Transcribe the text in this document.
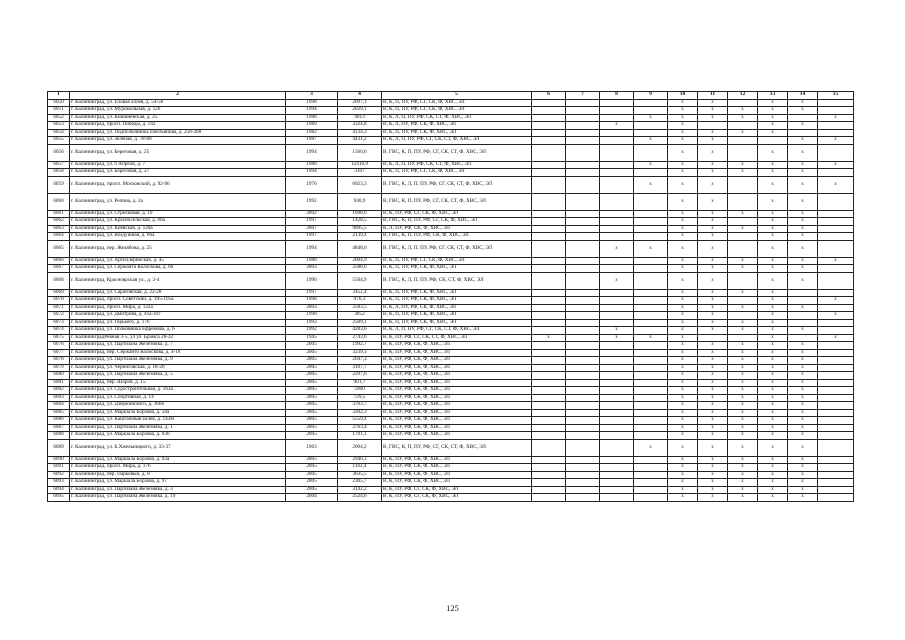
1	2	3	4	5	6	7	8	9	10	11	12	13	14	15
6050	г. Калининград, ул. Еловая аллея, д. 54-56	1998	2097,1	В, К, П, ПУ, РФ, СГ, СК, Ф, ХВС, ЭЛ					x	x		x	x	
6051	г. Калининград, ул. Муромольная, д. 126	1994	2029,1	В, К, П, ПУ, РФ, СГ, СК, Ф, ХВС, ЭЛ					x	x	x	x	x	
6052	г. Калининград, ул. Кишиневская, д. 25	1988	9013	В, К, Л, П, ПУ, РФ, СК, СТ, Ф, ХВС, ЭЛ				x	x	x	x	x		x
6053	г. Калининград, просп. Победы, д. 142	1989	3324,8	В, К, Л, ПУ, РФ, СК, Ф, ХВС, ЭЛ			x		x			x	x	
6054	г. Калининград, ул. Подполковника Емельянова, д. 258-268	1982	4134,3	В, К, П, ПУ, РФ, СК, Ф, ХВС, ЭЛ					x	x	x	x		
6055	г. Калининград, ул. Зеленая, д. 78-80	1987	4431,2	В, К, Л, П, ПУ, РФ, СГ, СК, СТ, Ф, ХВС, ЭЛ				x	x	x			x	x
6056	г. Калининград, ул. Береговая, д. 25	1994	1560,6	В, ГВС, К, П, ПУ, РФ, СГ, СК, СТ, Ф, ХВС, ЭЛ					x	x		x	x	
6057	г. Калининград, ул. 9 Апреля, д. 7	1988	12416,9	В, К, Л, П, ПУ, РФ, СК, СТ, Ф, ХВС, ЭЛ				x	x	x	x	x	x	x
6058	г. Калининград, ул. Береговая, д. 27	1994	3107	В, К, П, ПУ, РФ, СГ, СК, Ф, ХВС, ЭЛ					x	x	x	x	x	
6059	г. Калининград, просп. Московский, д. 92-96	1976	6023,3	В, ГВС, К, Л, П, ПУ, РФ, СГ, СК, СТ, Ф, ХВС, ЭЛ				x	x	x		x	x	x
6060	г. Калининград, ул. Репина, д. 2а	1992	940,9	В, ГВС, К, П, ПУ, РФ, СГ, СК, СТ, Ф, ХВС, ЭЛ					x	x		x	x	
6061	г. Калининград, ул. Стрелковая, д. 19	2002	1698,6	В, К, ПУ, РФ, СГ, СК, Ф, ХВС, ЭЛ					x	x	x	x	x	
6062	г. Калининград, ул. Красносельская, д. 80а	1997	1428,5	В, ГВС, К, П, ПУ, РФ, СГ, СК, Ф, ХВС, ЭЛ					x	x		x	x	
6063	г. Калининград, ул. Киевская, д. 120а	2007	9895,5	К, Л, ПУ, РФ, СК, Ф, ХВС, ЭЛ					x	x	x	x	x	
6064	г. Калининград, ул. Воздушная, д. 66а	1997	2139,4	В, ГВС, К, П, ПУ, РФ, СК, Ф, ХВС, ЭЛ					x	x		x	x	
6065	г. Калининград, пер. Желябова, д. 25	1994	4848,6	В, ГВС, К, Л, П, ПУ, РФ, СГ, СК, СТ, Ф, ХВС, ЭЛ			x	x	x	x		x	x	
6066	г. Калининград, ул. Артиллерийская, д. 45	1988	2004,9	В, К, П, ПУ, РФ, СГ, СК, Ф, ХВС, ЭЛ					x	x	x	x	x	x
6067	г. Калининград, ул. Сержанта Колоскова, д. 66	2003	2588,6	В, К, П, ПУ, РФ, СК, Ф, ХВС, ЭЛ					x	x	x	x	x	
6068	г. Калининград, Красноярская ул., д. 2-4	1996	5504,9	В, ГВС, К, Л, П, ПУ, РФ, СК, СТ, Ф, ХВС, ЭЛ			x		x	x		x	x	
6069	г. Калининград, ул. Саратовская, д. 22-28	1997	3452,4	В, К, П, ПУ, РФ, СК, Ф, ХВС, ЭЛ					x	x	x	x		
6070	г. Калининград, просп. Советский, д. 105-105а	1998	976,3	В, К, П, ПУ, РФ, СК, Ф, ХВС, ЭЛ					x	x		x		x
6071	г. Калининград, просп. Мира, д. 132а	2003	2583,5	В, К, Л, ПУ, РФ, СК, Ф, ХВС, ЭЛ					x	x	x	x	x	
6072	г. Калининград, ул. Дмитрова, д. 41а-41г	1998	3052	В, К, П, ПУ, РФ, СК, Ф, ХВС, ЭЛ					x	x		x		x
6073	г. Калининград, ул. Горького, д. 176	1993	2509,1	В, К, П, ПУ, РФ, СК, Ф, ХВС, ЭЛ					x	x	x	x		
6074	г. Калининград, ул. Полковника Ефремова, д. 6	1992	4283,6	В, К, Л, П, ПУ, РФ, СГ, СК, СТ, Ф, ХВС, ЭЛ			x		x	x	x	x	x	
6075	г. КалининградРевная 3-5, ул ул. Брамса 28-32	1945	2743,6	В, К, ПУ, РФ, СГ, СК, СТ, Ф, ХВС, ЭЛ	x		x	x	x			x		x
6076	г. Калининград, ул. Партизана Железняка, д. 7	2005	1992,7	В, К, ПУ, РФ, СК, Ф, ХВС, ЭЛ					x	x	x	x	x	
6077	г. Калининград, пер. Сержанто Колоскова, д. 4-18	2005	3239,3	В, К, ПУ, РФ, СК, Ф, ХВС, ЭЛ					x	x	x	x	x	
6078	г. Калининград, ул. Партизана Железняка, д. 9	2005	2047,3	В, К, ПУ, РФ, СК, Ф, ХВС, ЭЛ					x	x	x	x	x	
6079	г. Калининград, ул. Черниговская, д. 18-20	2005	3107,7	В, К, ПУ, РФ, СК, Ф, ХВС, ЭЛ					x	x	x	x	x	
6080	г. Калининград, ул. Партизана Железняка, д. 5	2005	2297,6	В, К, ПУ, РФ, СК, Ф, ХВС, ЭЛ					x	x	x	x	x	
6081	г. Калининград, пер. Шоров, д. 15	2005	901,7	В, К, ПУ, РФ, СК, Ф, ХВС, ЭЛ					x	x	x	x	x	
6082	г. Калининград, ул. Судостроительная, д. 163а	2005	5960	В, К, ПУ, РФ, СК, Ф, ХВС, ЭЛ					x	x	x	x	x	
6083	г. Калининград, ул. Спортивная, д. 14	2005	729,5	В, К, ПУ, РФ, СК, Ф, ХВС, ЭЛ					x	x	x	x	x	
6084	г. Калининград, ул. Дзержинского, д. 166б	2005	3703,7	В, К, ПУ, РФ, СК, Ф, ХВС, ЭЛ					x	x	x	x	x	
6085	г. Калининград, ул. Маршала Борзова, д. 58а	2005	3202,3	В, К, ПУ, РФ, СК, Ф, ХВС, ЭЛ					x	x	x	x	x	
6086	г. Калининград, ул. Каштановая аллея, д. 143Н	2005	5559,4	В, К, ПУ, РФ, СК, Ф, ХВС, ЭЛ					x	x	x	x	x	
6087	г. Калининград, ул. Партизана Железняка, д. 1	2005	2763,4	В, К, ПУ, РФ, СК, Ф, ХВС, ЭЛ					x	x	x	x	x	
6088	г. Калининград, ул. Маршала Борзова, д. 93б	2005	1791,1	В, К, ПУ, РФ, СК, Ф, ХВС, ЭЛ					x	x	x	x	x	
6089	г. Калининград, ул. Б.Хмельницкого, д. 33-37	1963	2004,2	В, ГВС, К, П, ПУ, РФ, СГ, СК, СТ, Ф, ХВС, ЭЛ				x	x	x	x	x	x	
6090	г. Калининград, ул. Маршала Борзова, д. 93а	2005	2940,3	В, К, ПУ, РФ, СК, Ф, ХВС, ЭЛ					x	x	x	x	x	
6091	г. Калининград, просп. Мира, д. 176	2005	1162,4	В, К, ПУ, РФ, СК, Ф, ХВС, ЭЛ					x	x	x	x	x	
6092	г. Калининград, пер. Парковый, д. 8	2005	3635,5	В, К, ПУ, РФ, СК, Ф, ХВС, ЭЛ					x	x	x	x	x	
6093	г. Калининград, ул. Маршала Борзова, д. 97	2005	2305,7	В, К, ПУ, РФ, СК, Ф, ХВС, ЭЛ					x	x	x	x	x	
6094	г. Калининград, ул. Партизана Железняка, д. 3	2005	3142,2	В, К, ПУ, РФ, СГ, СК, Ф, ХВС, ЭЛ					x	x	x	x	x	
6095	г. Калининград, ул. Партизана Железняка, д. 19	2004	2524,6	В, К, ПУ, РФ, СГ, СК, Ф, ХВС, ЭЛ					x	x	x	x	x	
125
